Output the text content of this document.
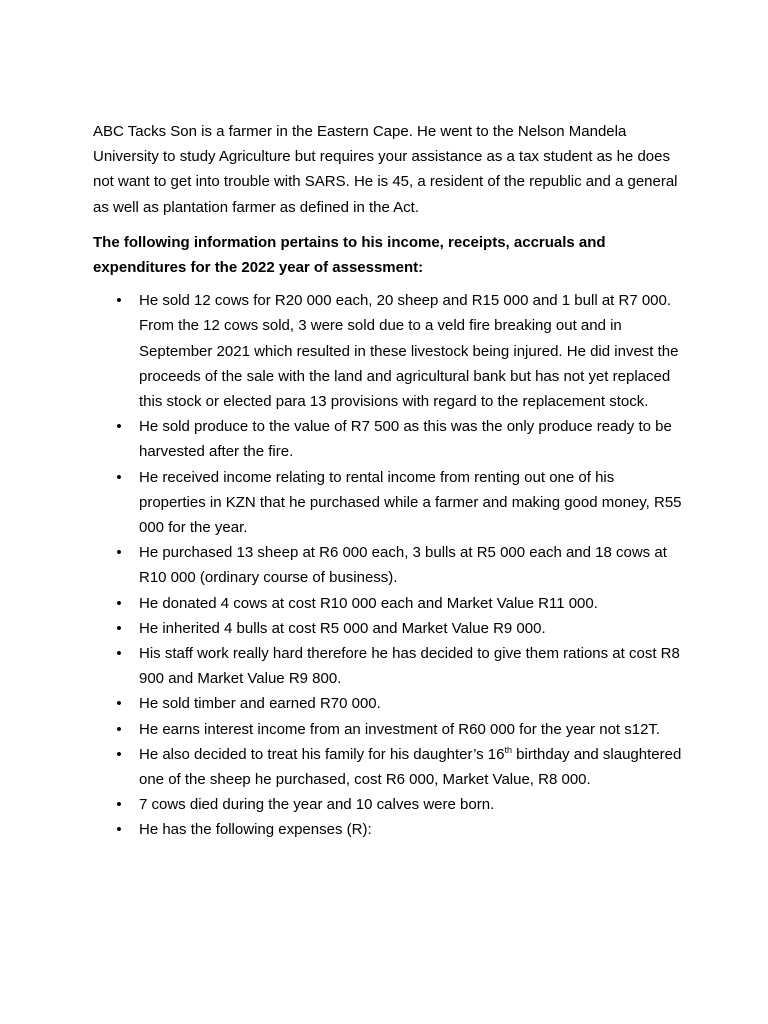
ABC Tacks Son is a farmer in the Eastern Cape. He went to the Nelson Mandela University to study Agriculture but requires your assistance as a tax student as he does not want to get into trouble with SARS. He is 45, a resident of the republic and a general as well as plantation farmer as defined in the Act.

The following information pertains to his income, receipts, accruals and expenditures for the 2022 year of assessment:

• He sold 12 cows for R20 000 each, 20 sheep and R15 000 and 1 bull at R7 000. From the 12 cows sold, 3 were sold due to a veld fire breaking out and in September 2021 which resulted in these livestock being injured. He did invest the proceeds of the sale with the land and agricultural bank but has not yet replaced this stock or elected para 13 provisions with regard to the replacement stock.
• He sold produce to the value of R7 500 as this was the only produce ready to be harvested after the fire.
• He received income relating to rental income from renting out one of his properties in KZN that he purchased while a farmer and making good money, R55 000 for the year.
• He purchased 13 sheep at R6 000 each, 3 bulls at R5 000 each and 18 cows at R10 000 (ordinary course of business).
• He donated 4 cows at cost R10 000 each and Market Value R11 000.
• He inherited 4 bulls at cost R5 000 and Market Value R9 000.
• His staff work really hard therefore he has decided to give them rations at cost R8 900 and Market Value R9 800.
• He sold timber and earned R70 000.
• He earns interest income from an investment of R60 000 for the year not s12T.
• He also decided to treat his family for his daughter’s 16th birthday and slaughtered one of the sheep he purchased, cost R6 000, Market Value, R8 000.
• 7 cows died during the year and 10 calves were born.
• He has the following expenses (R):
